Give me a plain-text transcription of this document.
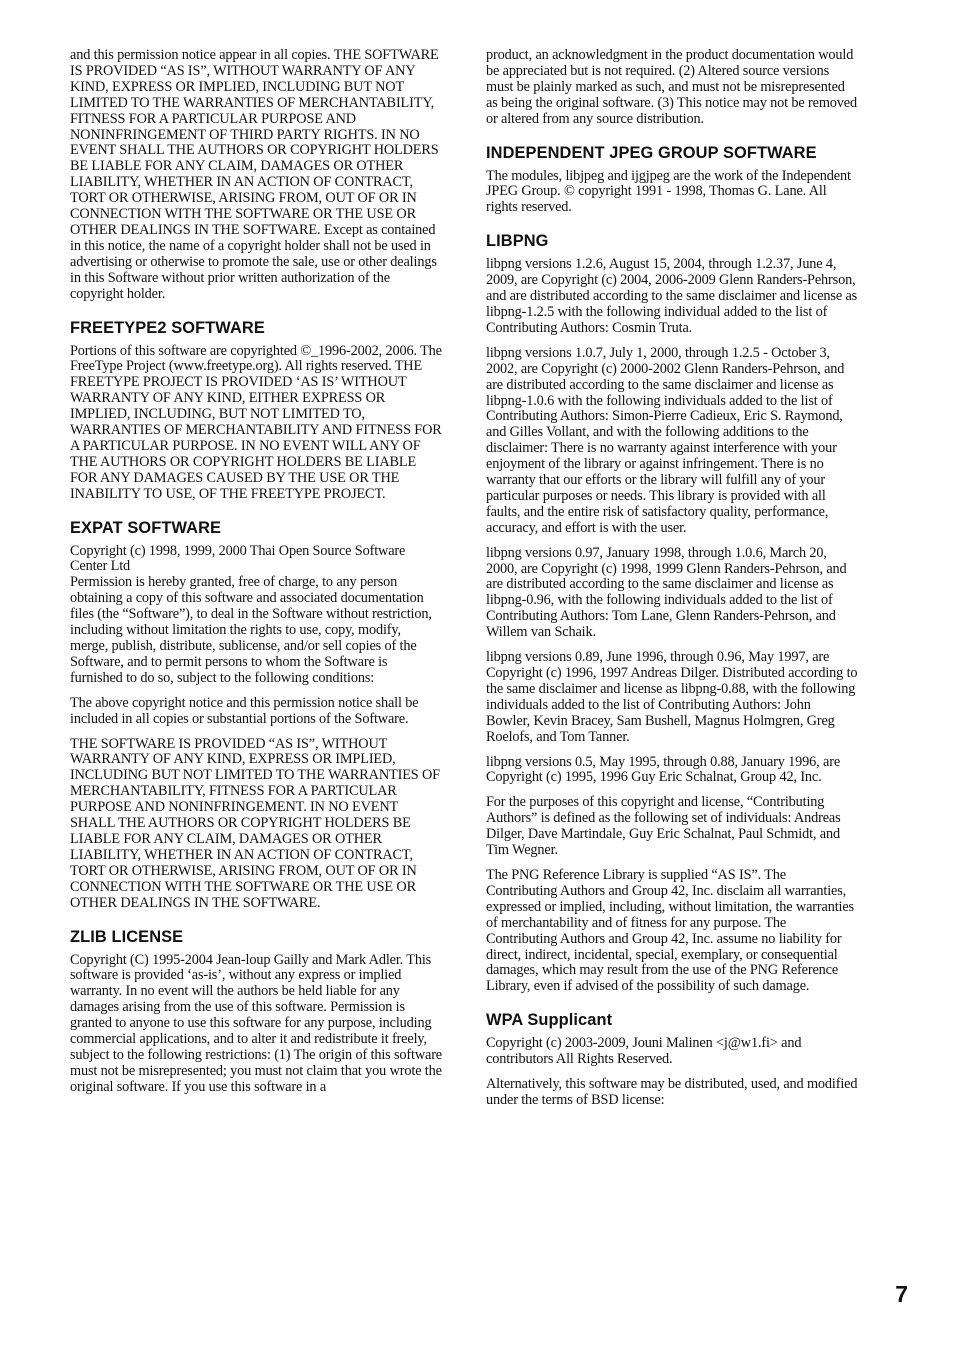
and this permission notice appear in all copies. THE SOFTWARE IS PROVIDED “AS IS”, WITHOUT WARRANTY OF ANY KIND, EXPRESS OR IMPLIED, INCLUDING BUT NOT LIMITED TO THE WARRANTIES OF MERCHANTABILITY, FITNESS FOR A PARTICULAR PURPOSE AND NONINFRINGEMENT OF THIRD PARTY RIGHTS. IN NO EVENT SHALL THE AUTHORS OR COPYRIGHT HOLDERS BE LIABLE FOR ANY CLAIM, DAMAGES OR OTHER LIABILITY, WHETHER IN AN ACTION OF CONTRACT, TORT OR OTHERWISE, ARISING FROM, OUT OF OR IN CONNECTION WITH THE SOFTWARE OR THE USE OR OTHER DEALINGS IN THE SOFTWARE. Except as contained in this notice, the name of a copyright holder shall not be used in advertising or otherwise to promote the sale, use or other dealings in this Software without prior written authorization of the copyright holder.

FREETYPE2 SOFTWARE

Portions of this software are copyrighted ©_1996-2002, 2006. The FreeType Project (www.freetype.org). All rights reserved. THE FREETYPE PROJECT IS PROVIDED ‘AS IS’ WITHOUT WARRANTY OF ANY KIND, EITHER EXPRESS OR IMPLIED, INCLUDING, BUT NOT LIMITED TO, WARRANTIES OF MERCHANTABILITY AND FITNESS FOR A PARTICULAR PURPOSE. IN NO EVENT WILL ANY OF THE AUTHORS OR COPYRIGHT HOLDERS BE LIABLE FOR ANY DAMAGES CAUSED BY THE USE OR THE INABILITY TO USE, OF THE FREETYPE PROJECT.

EXPAT SOFTWARE

Copyright (c) 1998, 1999, 2000 Thai Open Source Software Center Ltd

Permission is hereby granted, free of charge, to any person obtaining a copy of this software and associated documentation files (the “Software”), to deal in the Software without restriction, including without limitation the rights to use, copy, modify, merge, publish, distribute, sublicense, and/or sell copies of the Software, and to permit persons to whom the Software is furnished to do so, subject to the following conditions:

The above copyright notice and this permission notice shall be included in all copies or substantial portions of the Software.

THE SOFTWARE IS PROVIDED “AS IS”, WITHOUT WARRANTY OF ANY KIND, EXPRESS OR IMPLIED, INCLUDING BUT NOT LIMITED TO THE WARRANTIES OF MERCHANTABILITY, FITNESS FOR A PARTICULAR PURPOSE AND NONINFRINGEMENT. IN NO EVENT SHALL THE AUTHORS OR COPYRIGHT HOLDERS BE LIABLE FOR ANY CLAIM, DAMAGES OR OTHER LIABILITY, WHETHER IN AN ACTION OF CONTRACT, TORT OR OTHERWISE, ARISING FROM, OUT OF OR IN CONNECTION WITH THE SOFTWARE OR THE USE OR OTHER DEALINGS IN THE SOFTWARE.

ZLIB LICENSE

Copyright (C) 1995-2004 Jean-loup Gailly and Mark Adler. This software is provided ‘as-is’, without any express or implied warranty. In no event will the authors be held liable for any damages arising from the use of this software. Permission is granted to anyone to use this software for any purpose, including commercial applications, and to alter it and redistribute it freely, subject to the following restrictions: (1) The origin of this software must not be misrepresented; you must not claim that you wrote the original software. If you use this software in a

product, an acknowledgment in the product documentation would be appreciated but is not required. (2) Altered source versions must be plainly marked as such, and must not be misrepresented as being the original software. (3) This notice may not be removed or altered from any source distribution.

INDEPENDENT JPEG GROUP SOFTWARE

The modules, libjpeg and ijgjpeg are the work of the Independent JPEG Group. © copyright 1991 - 1998, Thomas G. Lane. All rights reserved.

LIBPNG

libpng versions 1.2.6, August 15, 2004, through 1.2.37, June 4, 2009, are Copyright (c) 2004, 2006-2009 Glenn Randers-Pehrson, and are distributed according to the same disclaimer and license as libpng-1.2.5 with the following individual added to the list of Contributing Authors: Cosmin Truta.

libpng versions 1.0.7, July 1, 2000, through 1.2.5 - October 3, 2002, are Copyright (c) 2000-2002 Glenn Randers-Pehrson, and are distributed according to the same disclaimer and license as libpng-1.0.6 with the following individuals added to the list of Contributing Authors: Simon-Pierre Cadieux, Eric S. Raymond, and Gilles Vollant, and with the following additions to the disclaimer: There is no warranty against interference with your enjoyment of the library or against infringement. There is no warranty that our efforts or the library will fulfill any of your particular purposes or needs. This library is provided with all faults, and the entire risk of satisfactory quality, performance, accuracy, and effort is with the user.

libpng versions 0.97, January 1998, through 1.0.6, March 20, 2000, are Copyright (c) 1998, 1999 Glenn Randers-Pehrson, and are distributed according to the same disclaimer and license as libpng-0.96, with the following individuals added to the list of Contributing Authors: Tom Lane, Glenn Randers-Pehrson, and Willem van Schaik.

libpng versions 0.89, June 1996, through 0.96, May 1997, are Copyright (c) 1996, 1997 Andreas Dilger. Distributed according to the same disclaimer and license as libpng-0.88, with the following individuals added to the list of Contributing Authors: John Bowler, Kevin Bracey, Sam Bushell, Magnus Holmgren, Greg Roelofs, and Tom Tanner.

libpng versions 0.5, May 1995, through 0.88, January 1996, are Copyright (c) 1995, 1996 Guy Eric Schalnat, Group 42, Inc.

For the purposes of this copyright and license, “Contributing Authors” is defined as the following set of individuals: Andreas Dilger, Dave Martindale, Guy Eric Schalnat, Paul Schmidt, and Tim Wegner.

The PNG Reference Library is supplied “AS IS”. The Contributing Authors and Group 42, Inc. disclaim all warranties, expressed or implied, including, without limitation, the warranties of merchantability and of fitness for any purpose. The Contributing Authors and Group 42, Inc. assume no liability for direct, indirect, incidental, special, exemplary, or consequential damages, which may result from the use of the PNG Reference Library, even if advised of the possibility of such damage.

WPA Supplicant

Copyright (c) 2003-2009, Jouni Malinen <j@w1.fi> and contributors All Rights Reserved.

Alternatively, this software may be distributed, used, and modified under the terms of BSD license:

7
